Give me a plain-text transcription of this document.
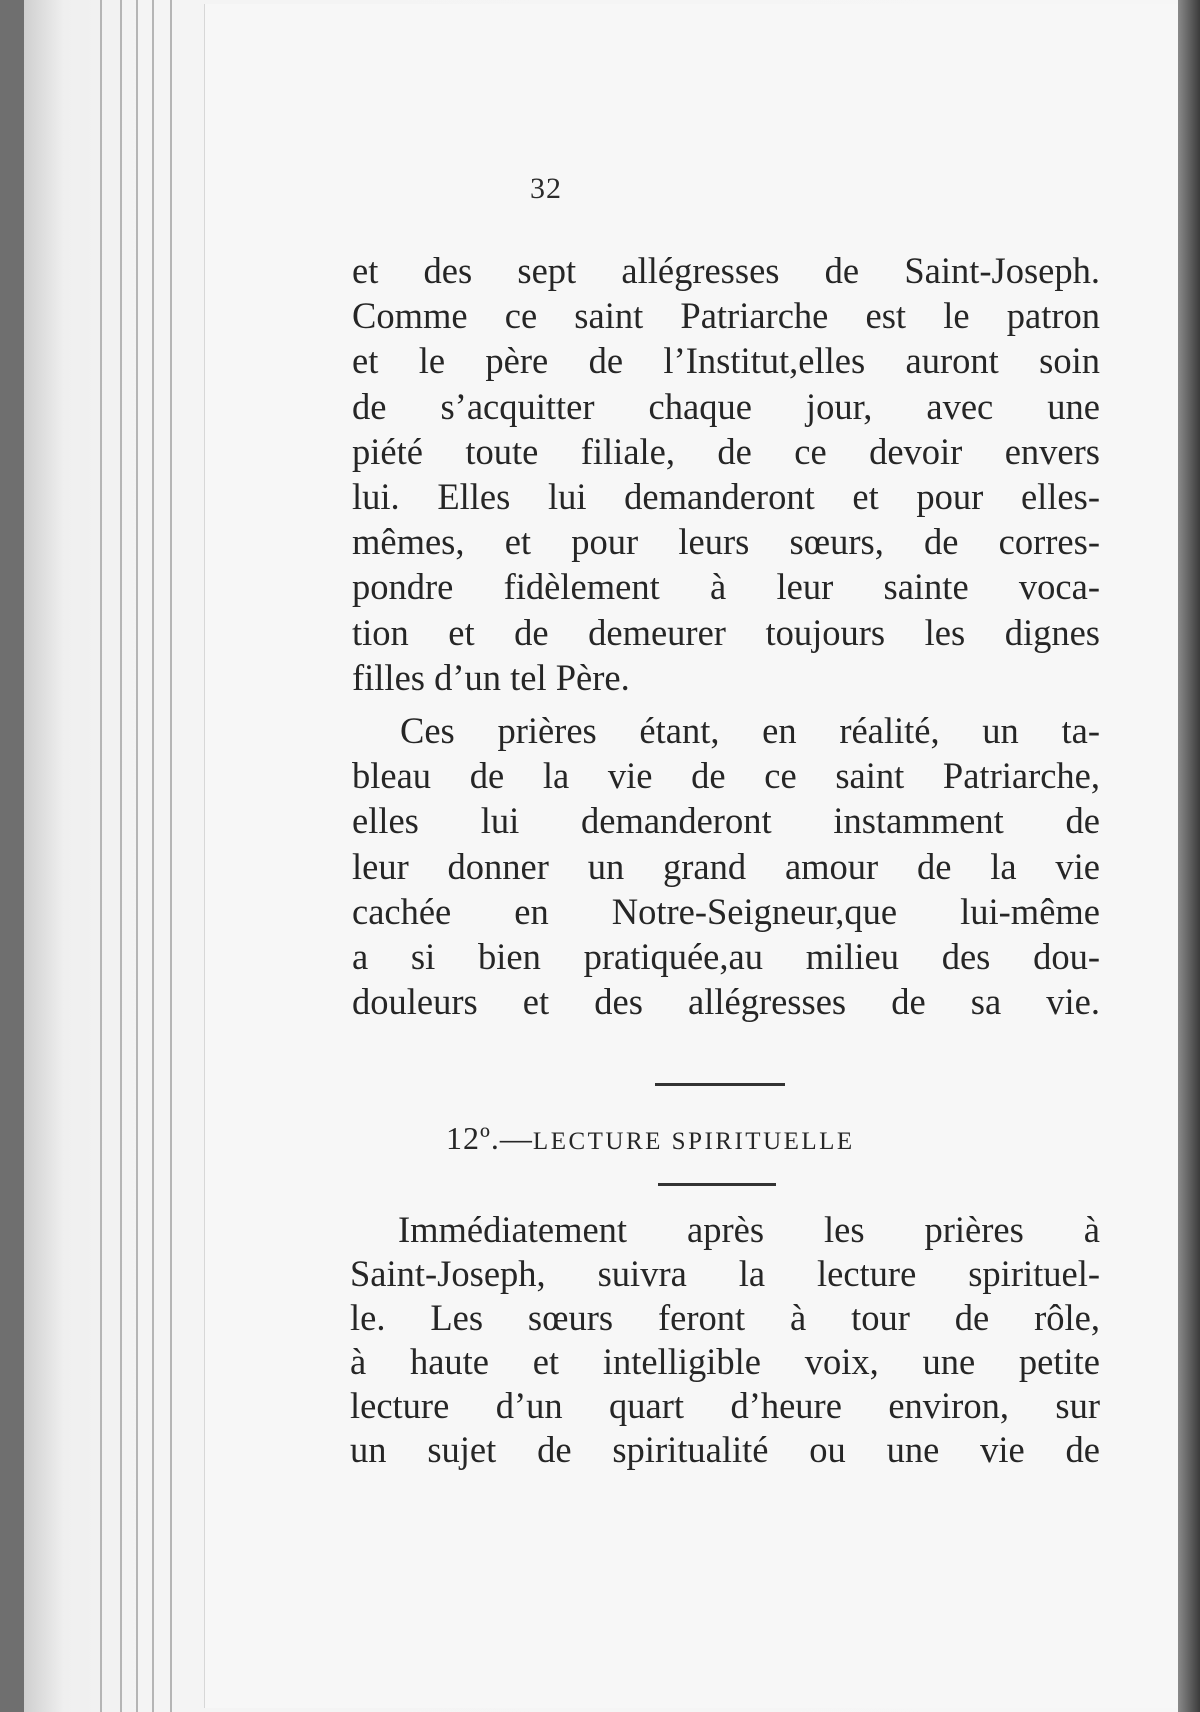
32
et des sept allégresses de Saint-Joseph.
Comme ce saint Patriarche est le patron
et le père de l’Institut,elles auront soin
de s’acquitter chaque jour, avec une
piété toute filiale, de ce devoir envers
lui. Elles lui demanderont et pour elles-
mêmes, et pour leurs sœurs, de corres-
pondre fidèlement à leur sainte voca-
tion et de demeurer toujours les dignes
filles d’un tel Père.
Ces prières étant, en réalité, un ta-
bleau de la vie de ce saint Patriarche,
elles lui demanderont instamment de
leur donner un grand amour de la vie
cachée en Notre-Seigneur,que lui-même
a si bien pratiquée,au milieu des dou-
douleurs et des allégresses de sa vie.
12º.—LECTURE SPIRITUELLE
Immédiatement après les prières à
Saint-Joseph, suivra la lecture spirituel-
le. Les sœurs feront à tour de rôle,
à haute et intelligible voix, une petite
lecture d’un quart d’heure environ, sur
un sujet de spiritualité ou une vie de
